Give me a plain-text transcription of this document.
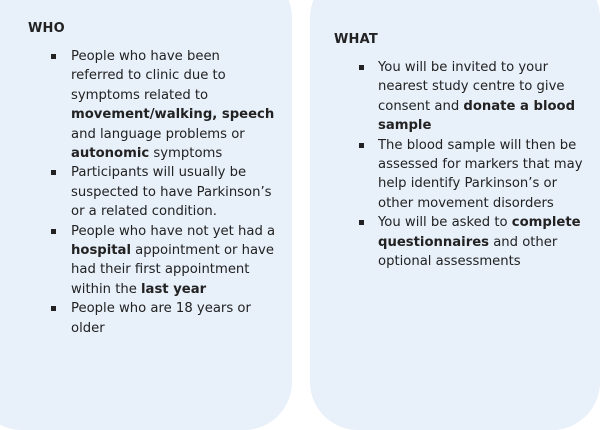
WHO
People who have been referred to clinic due to symptoms related to movement/walking, speech and language problems or autonomic symptoms
Participants will usually be suspected to have Parkinson’s or a related condition.
People who have not yet had a hospital appointment or have had their first appointment within the last year
People who are 18 years or older
WHAT
You will be invited to your nearest study centre to give consent and donate a blood sample
The blood sample will then be assessed for markers that may help identify Parkinson’s or other movement disorders
You will be asked to complete questionnaires and other optional assessments
